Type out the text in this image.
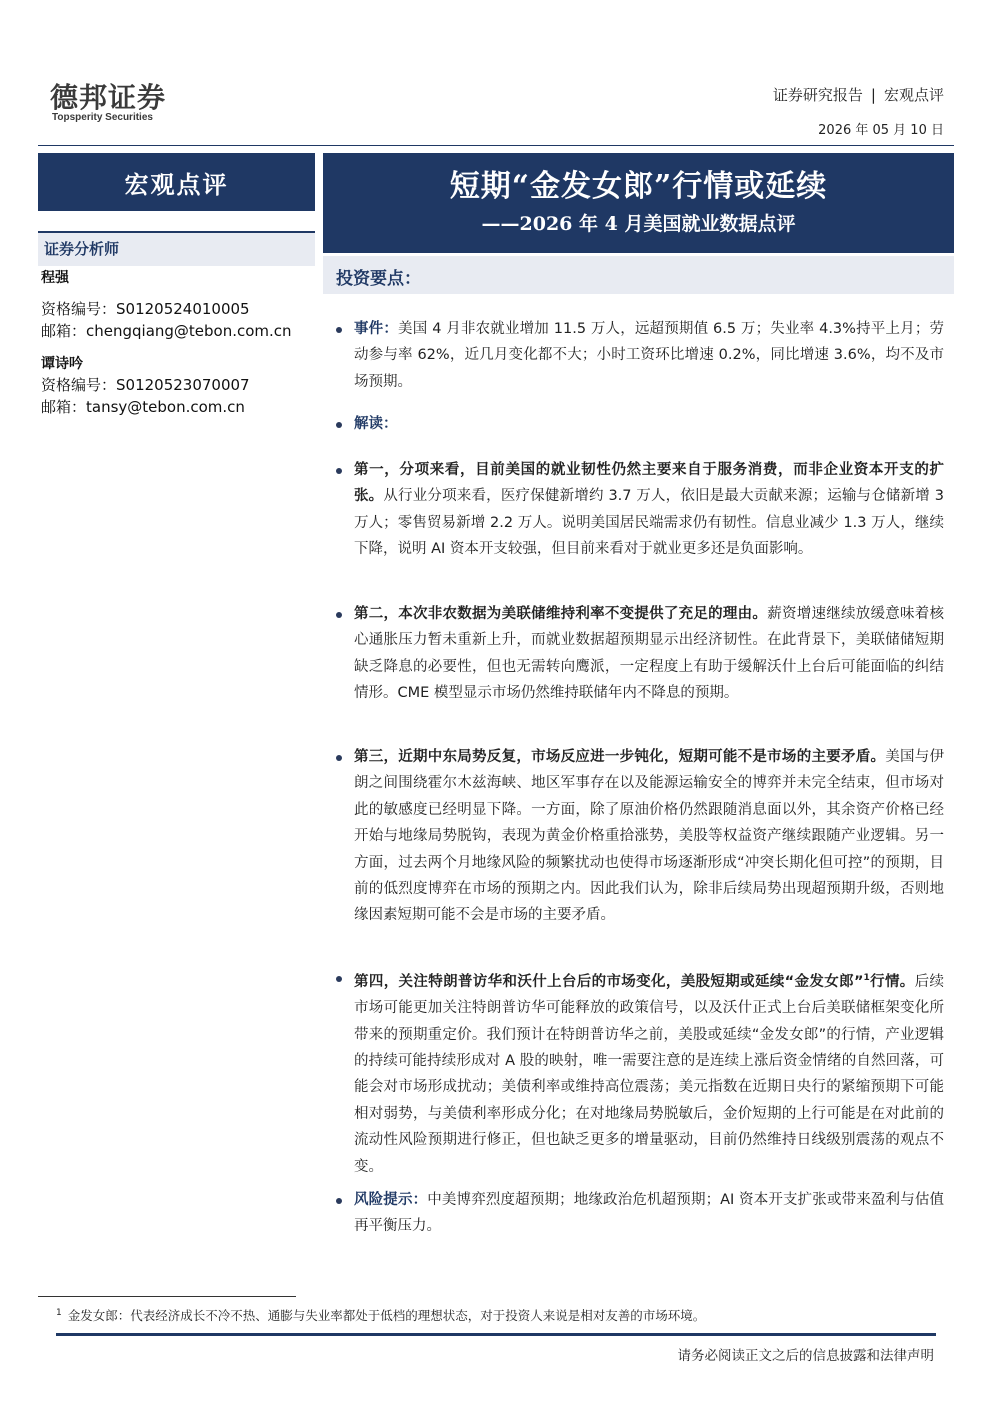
德邦证券
Topsperity Securities
证券研究报告 | 宏观点评
2026 年 05 月 10 日
宏观点评
证券分析师
程强
资格编号：S0120524010005
邮箱：chengqiang@tebon.com.cn
谭诗吟
资格编号：S0120523070007
邮箱：tansy@tebon.com.cn
短期“金发女郎”行情或延续
——2026 年 4 月美国就业数据点评
投资要点：
事件：美国 4 月非农就业增加 11.5 万人，远超预期值 6.5 万；失业率 4.3%持平上月；劳动参与率 62%，近几月变化都不大；小时工资环比增速 0.2%，同比增速 3.6%，均不及市场预期。
解读：
第一，分项来看，目前美国的就业韧性仍然主要来自于服务消费，而非企业资本开支的扩张。从行业分项来看，医疗保健新增约 3.7 万人，依旧是最大贡献来源；运输与仓储新增 3 万人；零售贸易新增 2.2 万人。说明美国居民端需求仍有韧性。信息业减少 1.3 万人，继续下降，说明 AI 资本开支较强，但目前来看对于就业更多还是负面影响。
第二，本次非农数据为美联储维持利率不变提供了充足的理由。薪资增速继续放缓意味着核心通胀压力暂未重新上升，而就业数据超预期显示出经济韧性。在此背景下，美联储储短期缺乏降息的必要性，但也无需转向鹰派，一定程度上有助于缓解沃什上台后可能面临的纠结情形。CME 模型显示市场仍然维持联储年内不降息的预期。
第三，近期中东局势反复，市场反应进一步钝化，短期可能不是市场的主要矛盾。美国与伊朗之间围绕霍尔木兹海峡、地区军事存在以及能源运输安全的博弈并未完全结束，但市场对此的敏感度已经明显下降。一方面，除了原油价格仍然跟随消息面以外，其余资产价格已经开始与地缘局势脱钩，表现为黄金价格重拾涨势，美股等权益资产继续跟随产业逻辑。另一方面，过去两个月地缘风险的频繁扰动也使得市场逐渐形成“冲突长期化但可控”的预期，目前的低烈度博弈在市场的预期之内。因此我们认为，除非后续局势出现超预期升级，否则地缘因素短期可能不会是市场的主要矛盾。
第四，关注特朗普访华和沃什上台后的市场变化，美股短期或延续“金发女郎”$^1$行情。后续市场可能更加关注特朗普访华可能释放的政策信号，以及沃什正式上台后美联储框架变化所带来的预期重定价。我们预计在特朗普访华之前，美股或延续“金发女郎”的行情，产业逻辑的持续可能持续形成对 A 股的映射，唯一需要注意的是连续上涨后资金情绪的自然回落，可能会对市场形成扰动；美债利率或维持高位震荡；美元指数在近期日央行的紧缩预期下可能相对弱势，与美债利率形成分化；在对地缘局势脱敏后，金价短期的上行可能是在对此前的流动性风险预期进行修正，但也缺乏更多的增量驱动，目前仍然维持日线级别震荡的观点不变。
风险提示：中美博弈烈度超预期；地缘政治危机超预期；AI 资本开支扩张或带来盈利与估值再平衡压力。
$^1$ 金发女郎：代表经济成长不冷不热、通膨与失业率都处于低档的理想状态，对于投资人来说是相对友善的市场环境。
请务必阅读正文之后的信息披露和法律声明
